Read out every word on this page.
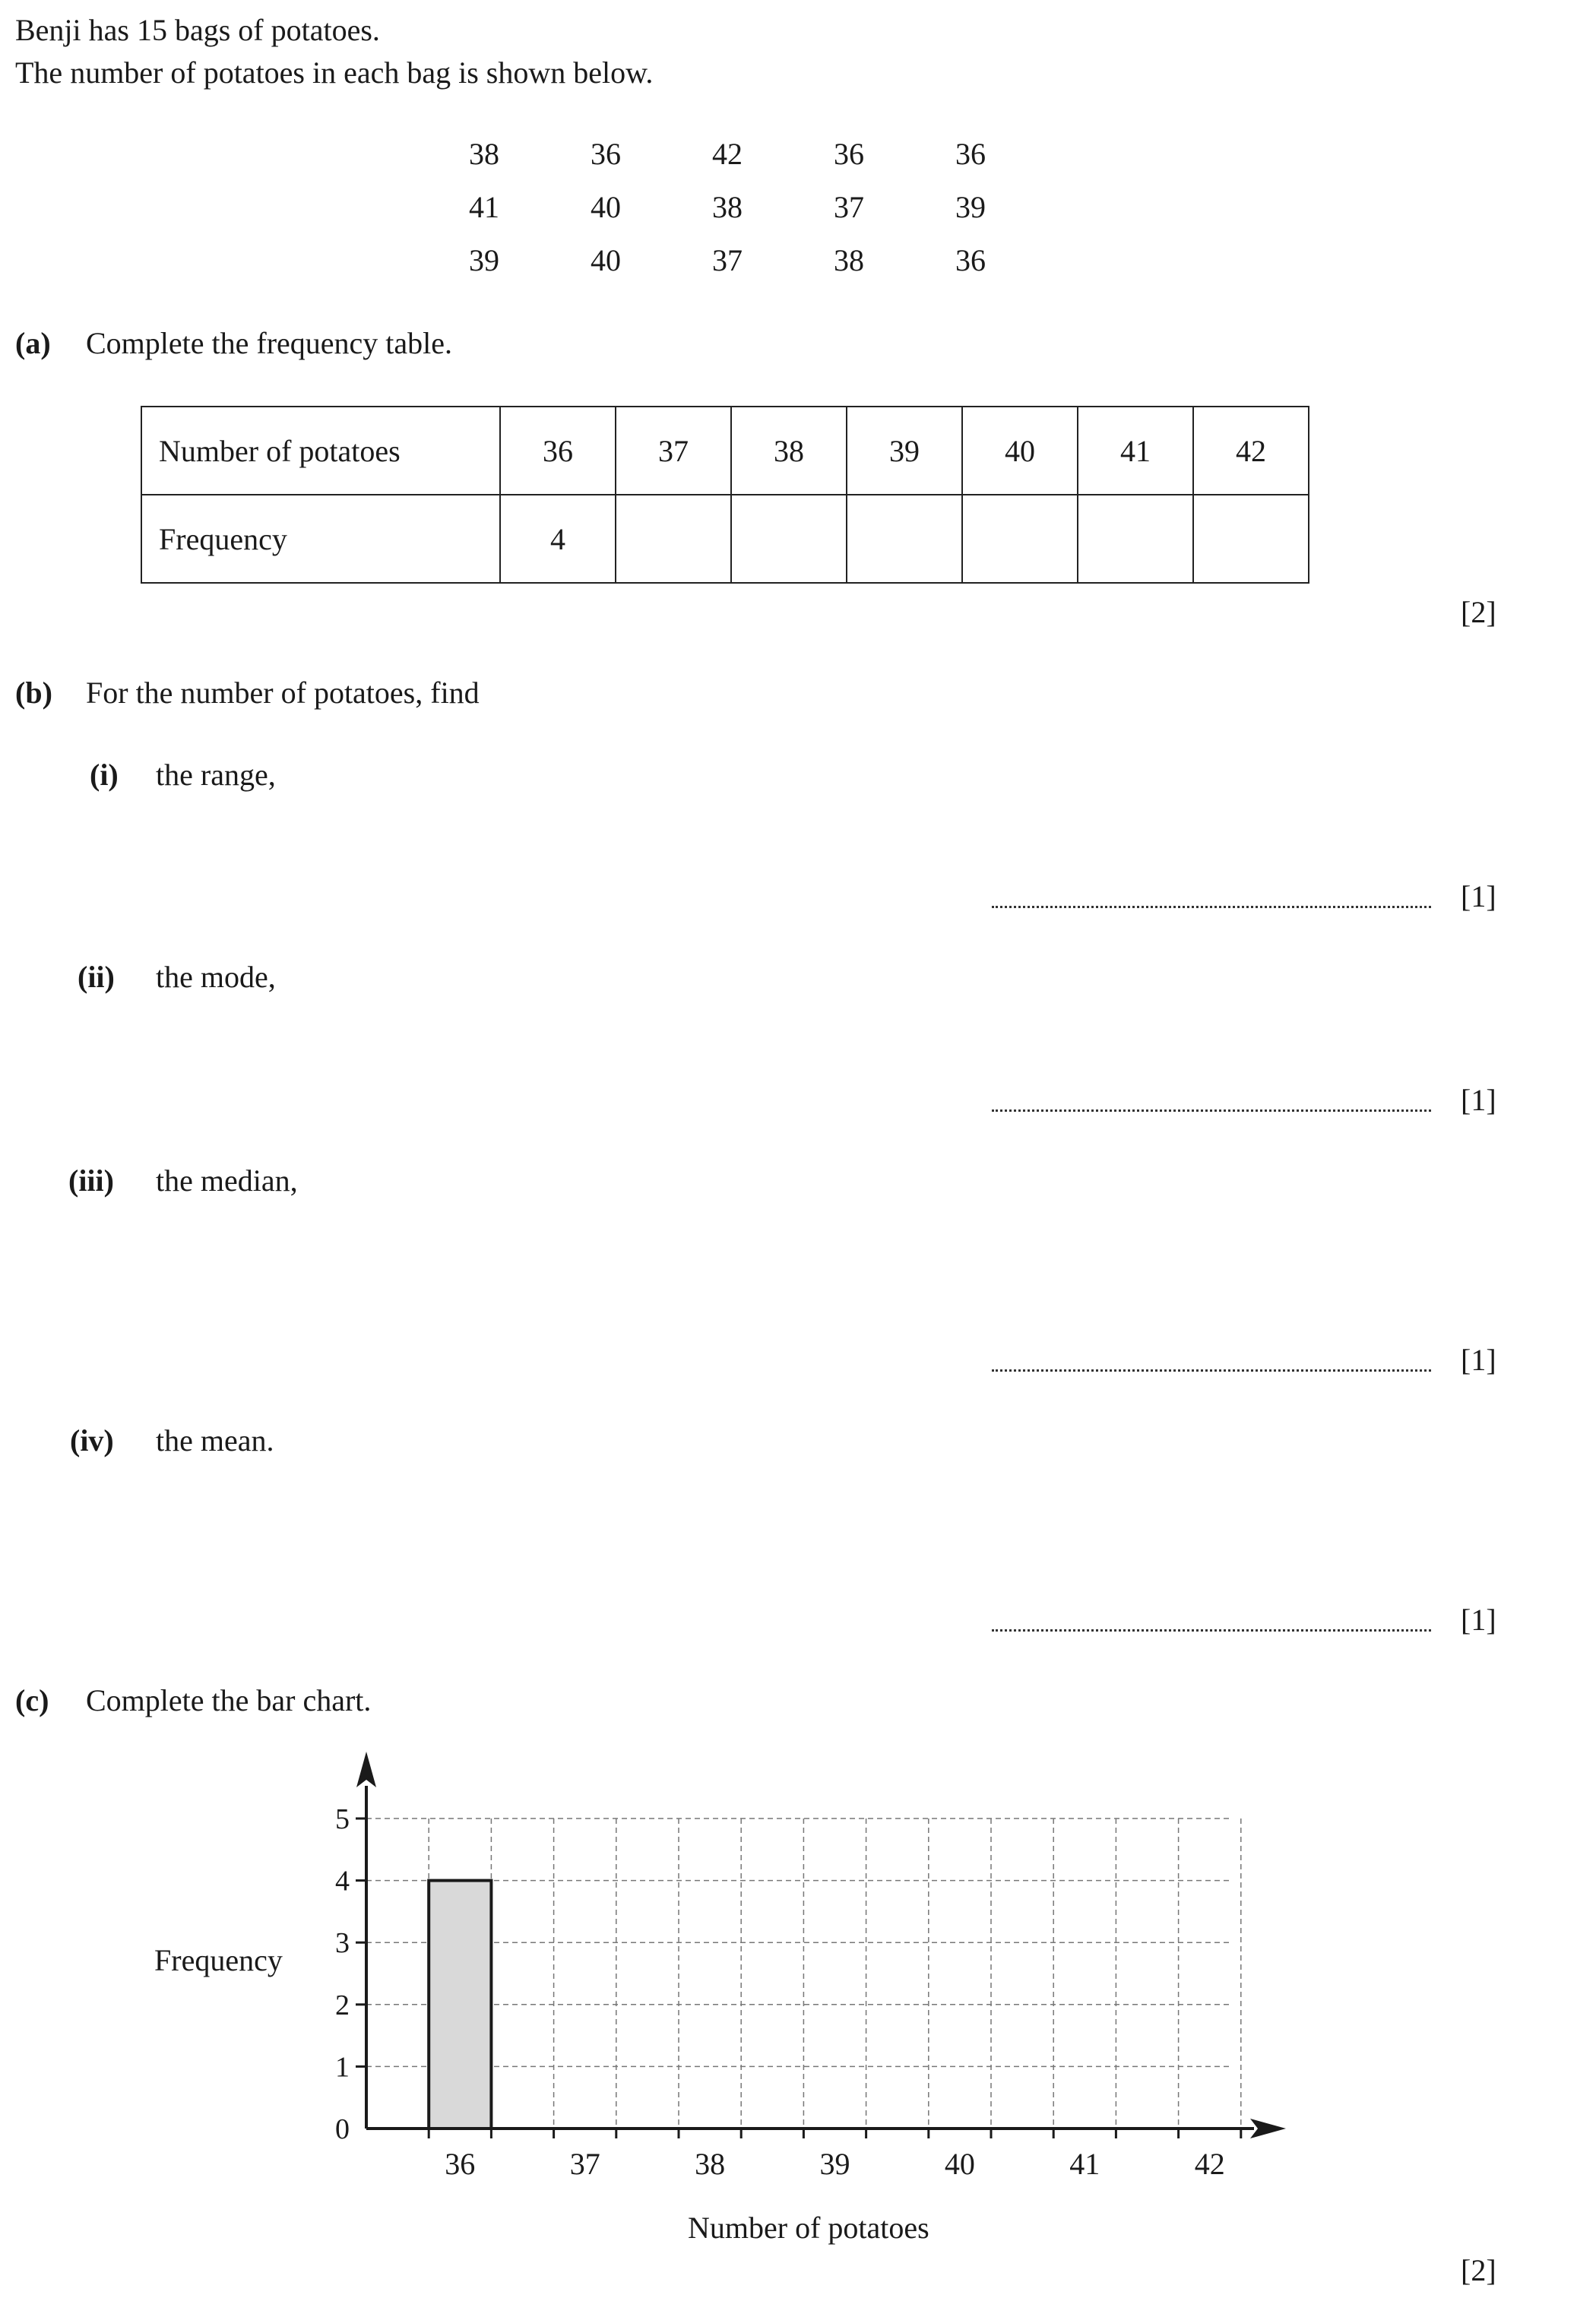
Benji has 15 bags of potatoes.
The number of potatoes in each bag is shown below.
38	36	42	36	36
41	40	38	37	39
39	40	37	38	36
(a) Complete the frequency table.
Number of potatoes	36	37	38	39	40	41	42
Frequency	4						
[2]
(b) For the number of potatoes, find
(i) the range,
[1]
(ii) the mode,
[1]
(iii) the median,
[1]
(iv) the mean.
[1]
(c) Complete the bar chart.
0
1
2
3
4
5
36	37	38	39	40	41	42
Frequency
Number of potatoes
[2]
